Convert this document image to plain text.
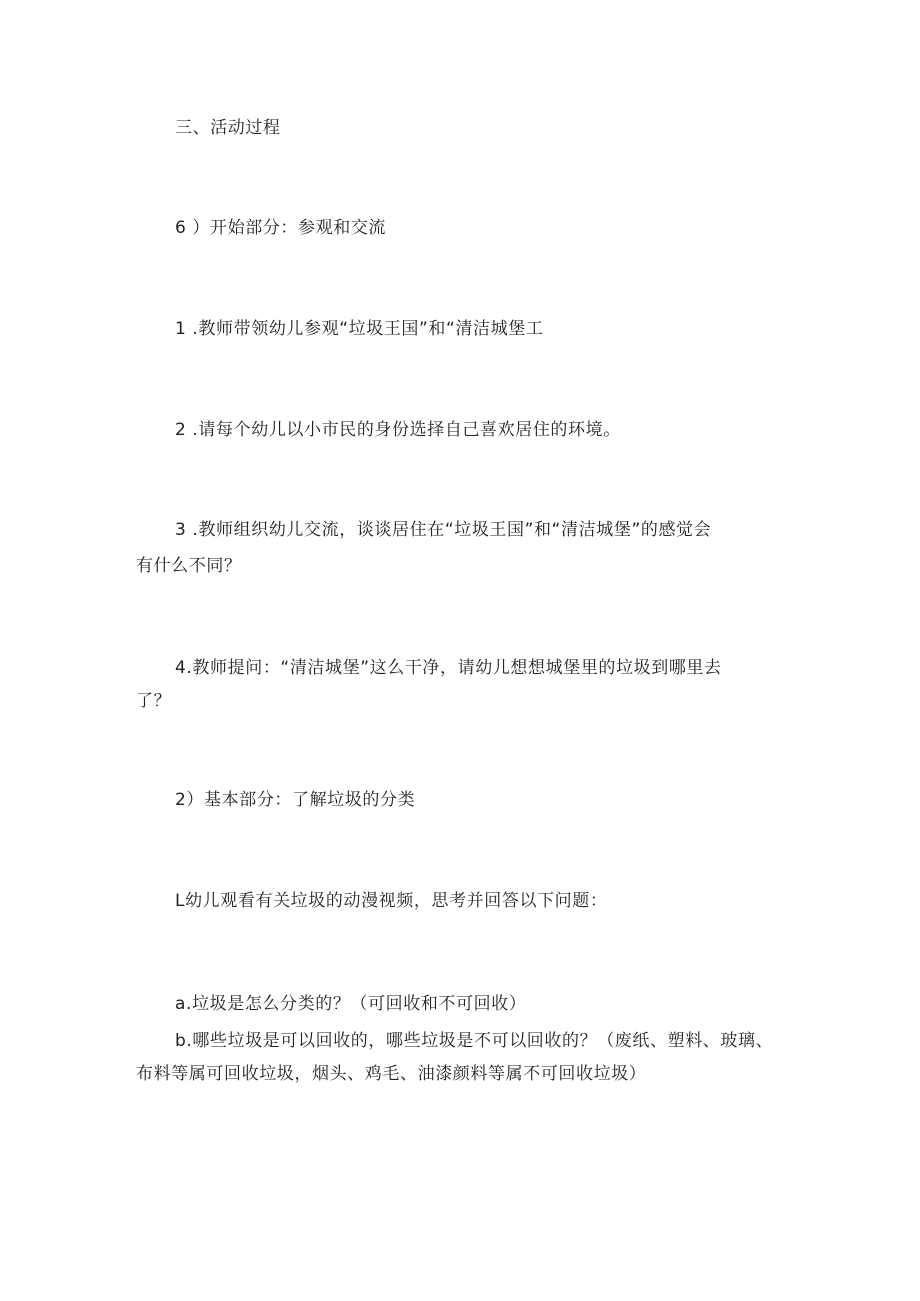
三、活动过程

6 ）开始部分：参观和交流

1 .教师带领幼儿参观“垃圾王国”和“清洁城堡工

2 .请每个幼儿以小市民的身份选择自己喜欢居住的环境。

3 .教师组织幼儿交流，谈谈居住在“垃圾王国”和“清洁城堡”的感觉会

有什么不同？

4.教师提问：“清洁城堡”这么干净，请幼儿想想城堡里的垃圾到哪里去

了？

2）基本部分：了解垃圾的分类

L幼儿观看有关垃圾的动漫视频，思考并回答以下问题：

a.垃圾是怎么分类的？（可回收和不可回收）

b.哪些垃圾是可以回收的，哪些垃圾是不可以回收的？（废纸、塑料、玻璃、

布料等属可回收垃圾，烟头、鸡毛、油漆颜料等属不可回收垃圾）
